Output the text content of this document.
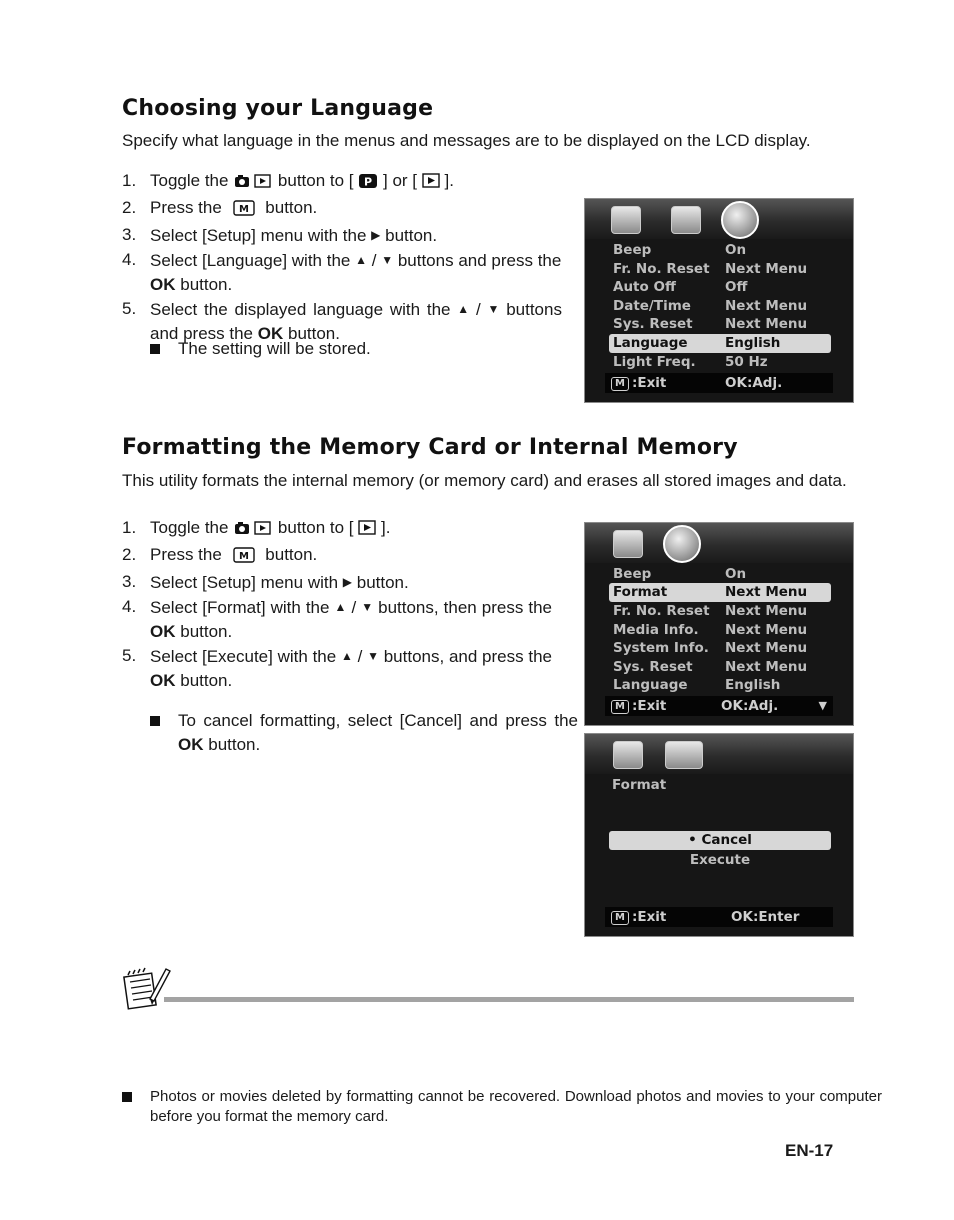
Choosing your Language
Specify what language in the menus and messages are to be displayed on the LCD display.
1. Toggle the	button to [ P ] or [ ].
2. Press the M button.
3. Select [Setup] menu with the ▶ button.
4. Select [Language] with the ▲ / ▼ buttons and press the OK button.
5. Select the displayed language with the ▲ / ▼ buttons and press the OK button.
The setting will be stored.
Beep	On
Fr. No. Reset Next Menu
Auto Off	Off
Date/Time	Next Menu
Sys. Reset Next Menu
Language	English
Light Freq. 50 Hz
M :Exit	OK:Adj.
Formatting the Memory Card or Internal Memory
This utility formats the internal memory (or memory card) and erases all stored images and data.
1. Toggle the	button to [ ].
2. Press the M button.
3. Select [Setup] menu with ▶ button.
4. Select [Format] with the ▲ / ▼ buttons, then press the OK button.
5. Select [Execute] with the ▲ / ▼ buttons, and press the OK button.
To cancel formatting, select [Cancel] and press the OK button.
Beep	On
Format	Next Menu
Fr. No. Reset Next Menu
Media Info. Next Menu
System Info. Next Menu
Sys. Reset Next Menu
Language	English
M :Exit	OK:Adj.	▼
Format
• Cancel
Execute
M :Exit	OK:Enter
Photos or movies deleted by formatting cannot be recovered. Download photos and movies to your computer before you format the memory card.
EN-17
